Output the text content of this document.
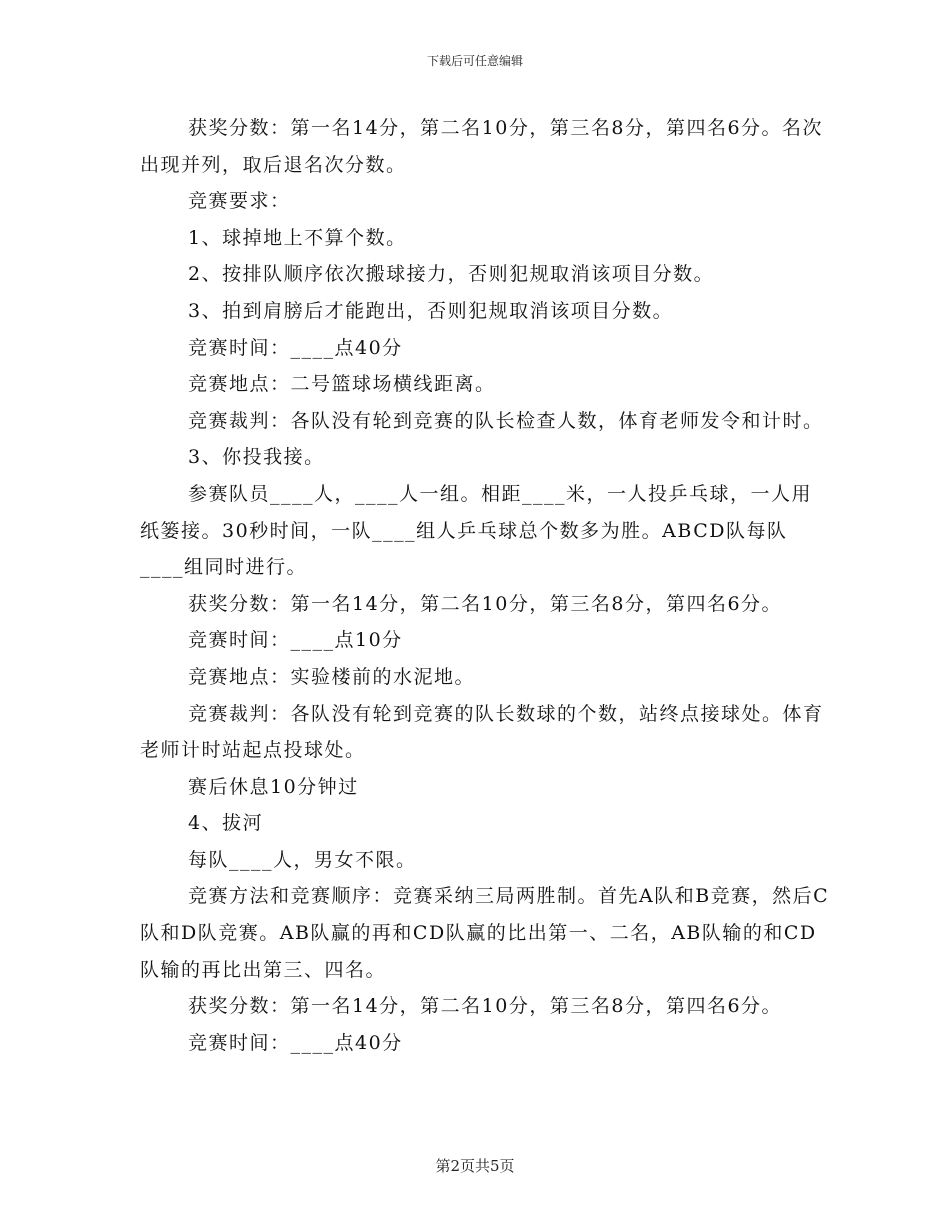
下载后可任意编辑

获奖分数：第一名14分，第二名10分，第三名8分，第四名6分。名次出现并列，取后退名次分数。

竞赛要求：

1、球掉地上不算个数。

2、按排队顺序依次搬球接力，否则犯规取消该项目分数。

3、拍到肩膀后才能跑出，否则犯规取消该项目分数。

竞赛时间：____点40分

竞赛地点：二号篮球场横线距离。

竞赛裁判：各队没有轮到竞赛的队长检查人数，体育老师发令和计时。

3、你投我接。

参赛队员____人，____人一组。相距____米，一人投乒乓球，一人用纸篓接。30秒时间，一队____组人乒乓球总个数多为胜。ABCD队每队____组同时进行。

获奖分数：第一名14分，第二名10分，第三名8分，第四名6分。

竞赛时间：____点10分

竞赛地点：实验楼前的水泥地。

竞赛裁判：各队没有轮到竞赛的队长数球的个数，站终点接球处。体育老师计时站起点投球处。

赛后休息10分钟过

4、拔河

每队____人，男女不限。

竞赛方法和竞赛顺序：竞赛采纳三局两胜制。首先A队和B竞赛，然后C队和D队竞赛。AB队赢的再和CD队赢的比出第一、二名，AB队输的和CD队输的再比出第三、四名。

获奖分数：第一名14分，第二名10分，第三名8分，第四名6分。

竞赛时间：____点40分

第2页共5页
